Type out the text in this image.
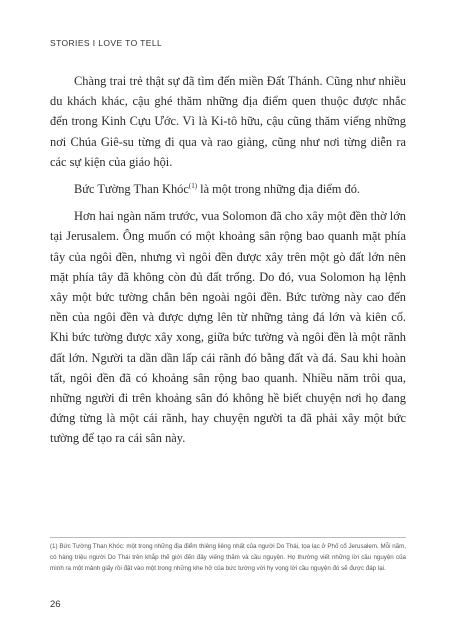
STORIES I LOVE TO TELL

Chàng trai trẻ thật sự đã tìm đến miền Đất Thánh. Cũng như nhiều du khách khác, cậu ghé thăm những địa điểm quen thuộc được nhắc đến trong Kinh Cựu Ước. Vì là Ki-tô hữu, cậu cũng thăm viếng những nơi Chúa Giê-su từng đi qua và rao giảng, cũng như nơi từng diễn ra các sự kiện của giáo hội.

Bức Tường Than Khóc$^{(1)}$ là một trong những địa điểm đó.

Hơn hai ngàn năm trước, vua Solomon đã cho xây một đền thờ lớn tại Jerusalem. Ông muốn có một khoảng sân rộng bao quanh mặt phía tây của ngôi đền, nhưng vì ngôi đền được xây trên một gò đất lớn nên mặt phía tây đã không còn đủ đất trống. Do đó, vua Solomon hạ lệnh xây một bức tường chắn bên ngoài ngôi đền. Bức tường này cao đến nền của ngôi đền và được dựng lên từ những tảng đá lớn và kiên cố. Khi bức tường được xây xong, giữa bức tường và ngôi đền là một rãnh đất lớn. Người ta dần dần lấp cái rãnh đó bằng đất và đá. Sau khi hoàn tất, ngôi đền đã có khoảng sân rộng bao quanh. Nhiều năm trôi qua, những người đi trên khoảng sân đó không hề biết chuyện nơi họ đang đứng từng là một cái rãnh, hay chuyện người ta đã phải xây một bức tường để tạo ra cái sân này.

(1) Bức Tường Than Khóc: một trong những địa điểm thiêng liêng nhất của người Do Thái, tọa lạc ở Phố cổ Jerusalem. Mỗi năm, có hàng triệu người Do Thái trên khắp thế giới đến đây viếng thăm và cầu nguyện. Họ thường viết những lời cầu nguyện của mình ra một mảnh giấy rồi đặt vào một trong những khe hở của bức tường với hy vọng lời cầu nguyện đó sẽ được đáp lại.
26
